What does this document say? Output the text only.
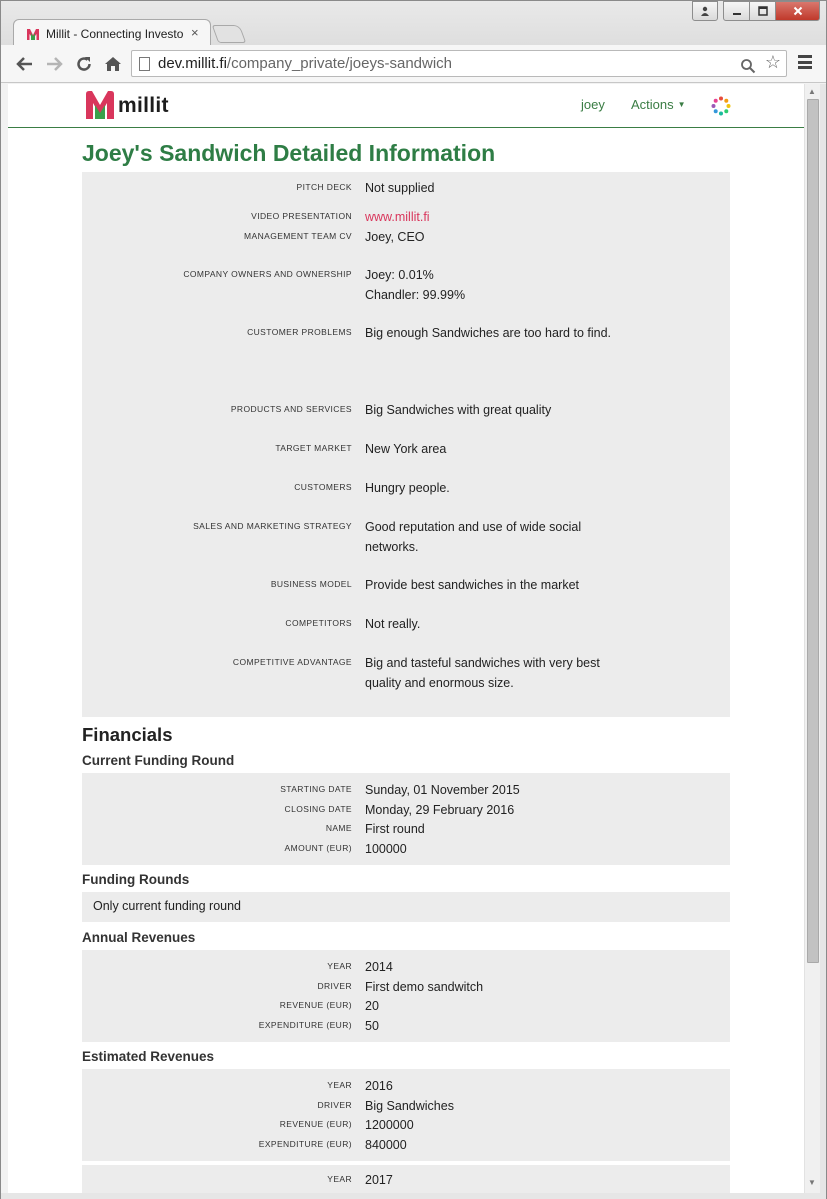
Millit - Connecting Investo ×
dev.millit.fi/company_private/joeys-sandwich	☆
millit	joey Actions ▼
Joey's Sandwich Detailed Information
PITCH DECK Not supplied
VIDEO PRESENTATION www.millit.fi
MANAGEMENT TEAM CV Joey, CEO
COMPANY OWNERS AND OWNERSHIP Joey: 0.01%
Chandler: 99.99%
CUSTOMER PROBLEMS Big enough Sandwiches are too hard to find.
PRODUCTS AND SERVICES Big Sandwiches with great quality
TARGET MARKET New York area
CUSTOMERS Hungry people.
SALES AND MARKETING STRATEGY Good reputation and use of wide social networks.
BUSINESS MODEL Provide best sandwiches in the market
COMPETITORS Not really.
COMPETITIVE ADVANTAGE Big and tasteful sandwiches with very best quality and enormous size.
Financials
Current Funding Round
STARTING DATE Sunday, 01 November 2015
CLOSING DATE Monday, 29 February 2016
NAME First round
AMOUNT (EUR) 100000
Funding Rounds
Only current funding round
Annual Revenues
YEAR 2014
DRIVER First demo sandwitch
REVENUE (EUR) 20
EXPENDITURE (EUR) 50
Estimated Revenues
YEAR 2016
DRIVER Big Sandwiches
REVENUE (EUR) 1200000
EXPENDITURE (EUR) 840000
YEAR 2017
▲
▼
